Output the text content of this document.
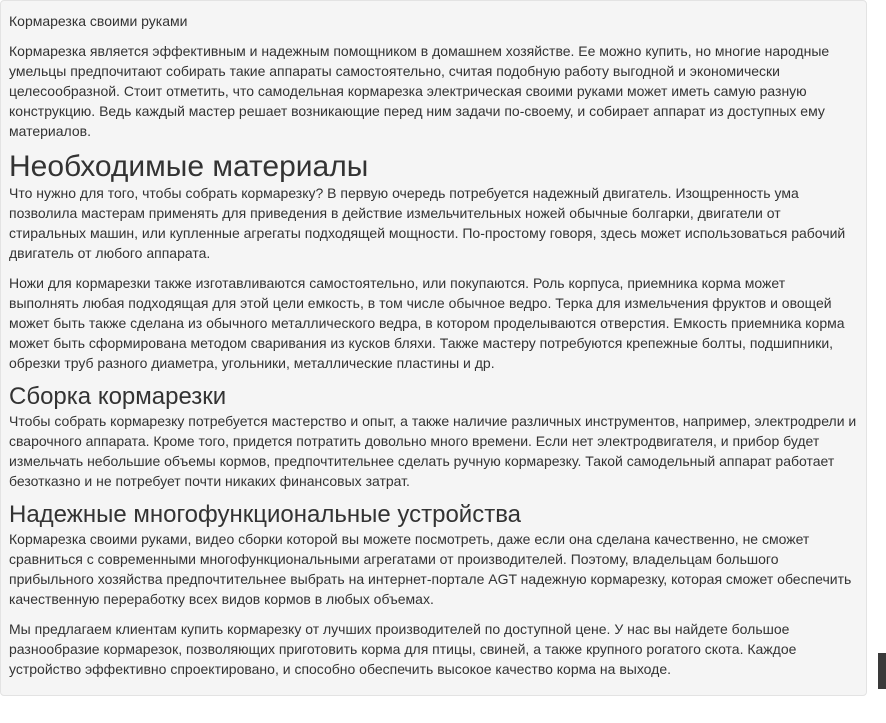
Кормарезка своими руками

Кормарезка является эффективным и надежным помощником в домашнем хозяйстве. Ее можно купить, но многие народные умельцы предпочитают собирать такие аппараты самостоятельно, считая подобную работу выгодной и экономически целесообразной. Стоит отметить, что самодельная кормарезка электрическая своими руками может иметь самую разную конструкцию. Ведь каждый мастер решает возникающие перед ним задачи по-своему, и собирает аппарат из доступных ему материалов.

Необходимые материалы

Что нужно для того, чтобы собрать кормарезку? В первую очередь потребуется надежный двигатель. Изощренность ума позволила мастерам применять для приведения в действие измельчительных ножей обычные болгарки, двигатели от стиральных машин, или купленные агрегаты подходящей мощности. По-простому говоря, здесь может использоваться рабочий двигатель от любого аппарата.

Ножи для кормарезки также изготавливаются самостоятельно, или покупаются. Роль корпуса, приемника корма может выполнять любая подходящая для этой цели емкость, в том числе обычное ведро. Терка для измельчения фруктов и овощей может быть также сделана из обычного металлического ведра, в котором проделываются отверстия. Емкость приемника корма может быть сформирована методом сваривания из кусков бляхи. Также мастеру потребуются крепежные болты, подшипники, обрезки труб разного диаметра, угольники, металлические пластины и др.

Сборка кормарезки

Чтобы собрать кормарезку потребуется мастерство и опыт, а также наличие различных инструментов, например, электродрели и сварочного аппарата. Кроме того, придется потратить довольно много времени. Если нет электродвигателя, и прибор будет измельчать небольшие объемы кормов, предпочтительнее сделать ручную кормарезку. Такой самодельный аппарат работает безотказно и не потребует почти никаких финансовых затрат.

Надежные многофункциональные устройства

Кормарезка своими руками, видео сборки которой вы можете посмотреть, даже если она сделана качественно, не сможет сравниться с современными многофункциональными агрегатами от производителей. Поэтому, владельцам большого прибыльного хозяйства предпочтительнее выбрать на интернет-портале AGT надежную кормарезку, которая сможет обеспечить качественную переработку всех видов кормов в любых объемах.

Мы предлагаем клиентам купить кормарезку от лучших производителей по доступной цене. У нас вы найдете большое разнообразие кормарезок, позволяющих приготовить корма для птицы, свиней, а также крупного рогатого скота. Каждое устройство эффективно спроектировано, и способно обеспечить высокое качество корма на выходе.
